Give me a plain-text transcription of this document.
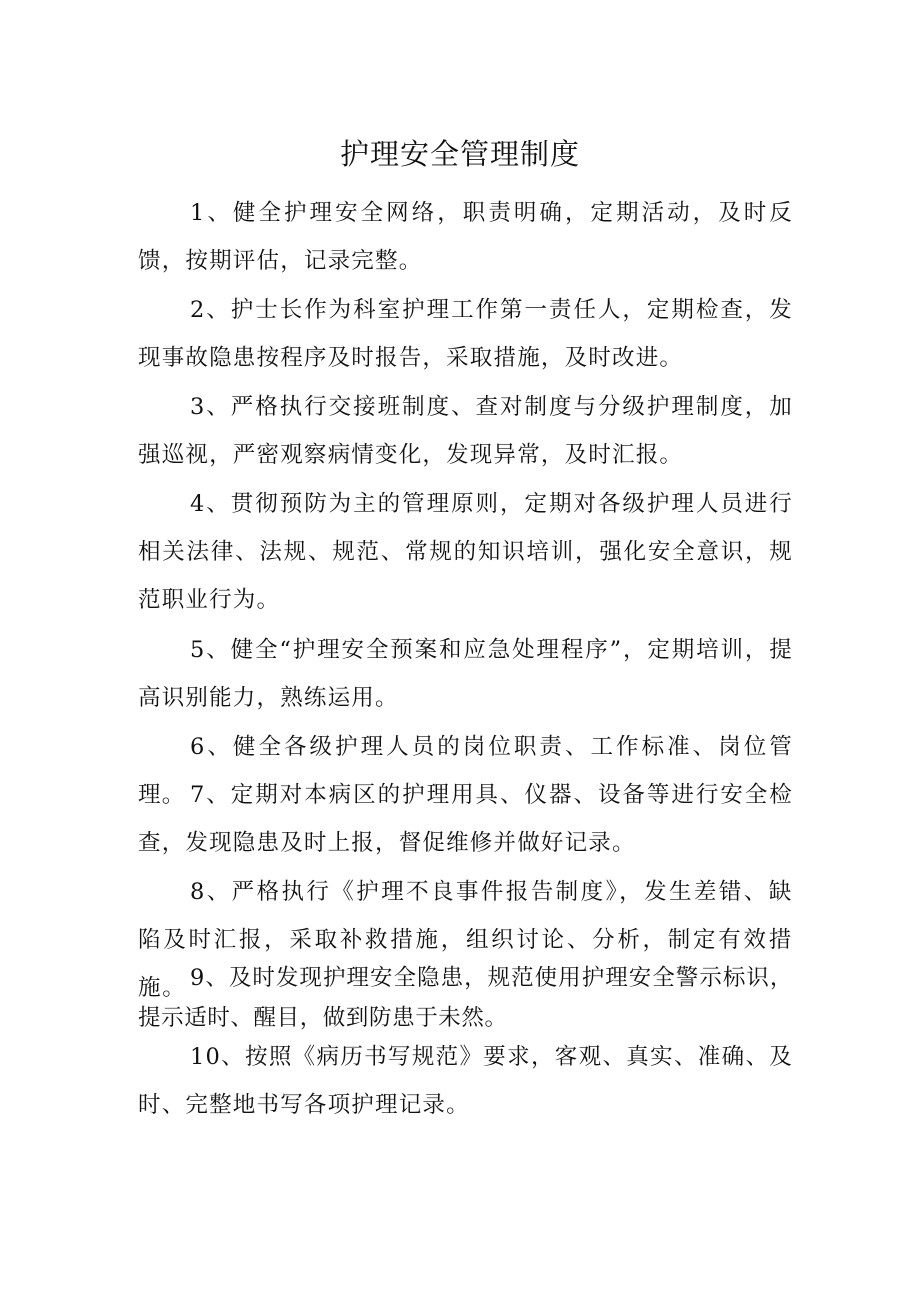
护理安全管理制度

1、健全护理安全网络，职责明确，定期活动，及时反馈，按期评估，记录完整。

2、护士长作为科室护理工作第一责任人，定期检查，发现事故隐患按程序及时报告，采取措施，及时改进。

3、严格执行交接班制度、查对制度与分级护理制度，加强巡视，严密观察病情变化，发现异常，及时汇报。

4、贯彻预防为主的管理原则，定期对各级护理人员进行相关法律、法规、规范、常规的知识培训，强化安全意识，规范职业行为。

5、健全“护理安全预案和应急处理程序”，定期培训，提高识别能力，熟练运用。

6、健全各级护理人员的岗位职责、工作标准、岗位管理。 7、定期对本病区的护理用具、仪器、设备等进行安全检查，发现隐患及时上报，督促维修并做好记录。

8、严格执行《护理不良事件报告制度》，发生差错、缺陷及时汇报，采取补救措施，组织讨论、分析，制定有效措施。 9、及时发现护理安全隐患，规范使用护理安全警示标识，提示适时、醒目，做到防患于未然。

10、按照《病历书写规范》要求，客观、真实、准确、及时、完整地书写各项护理记录。
